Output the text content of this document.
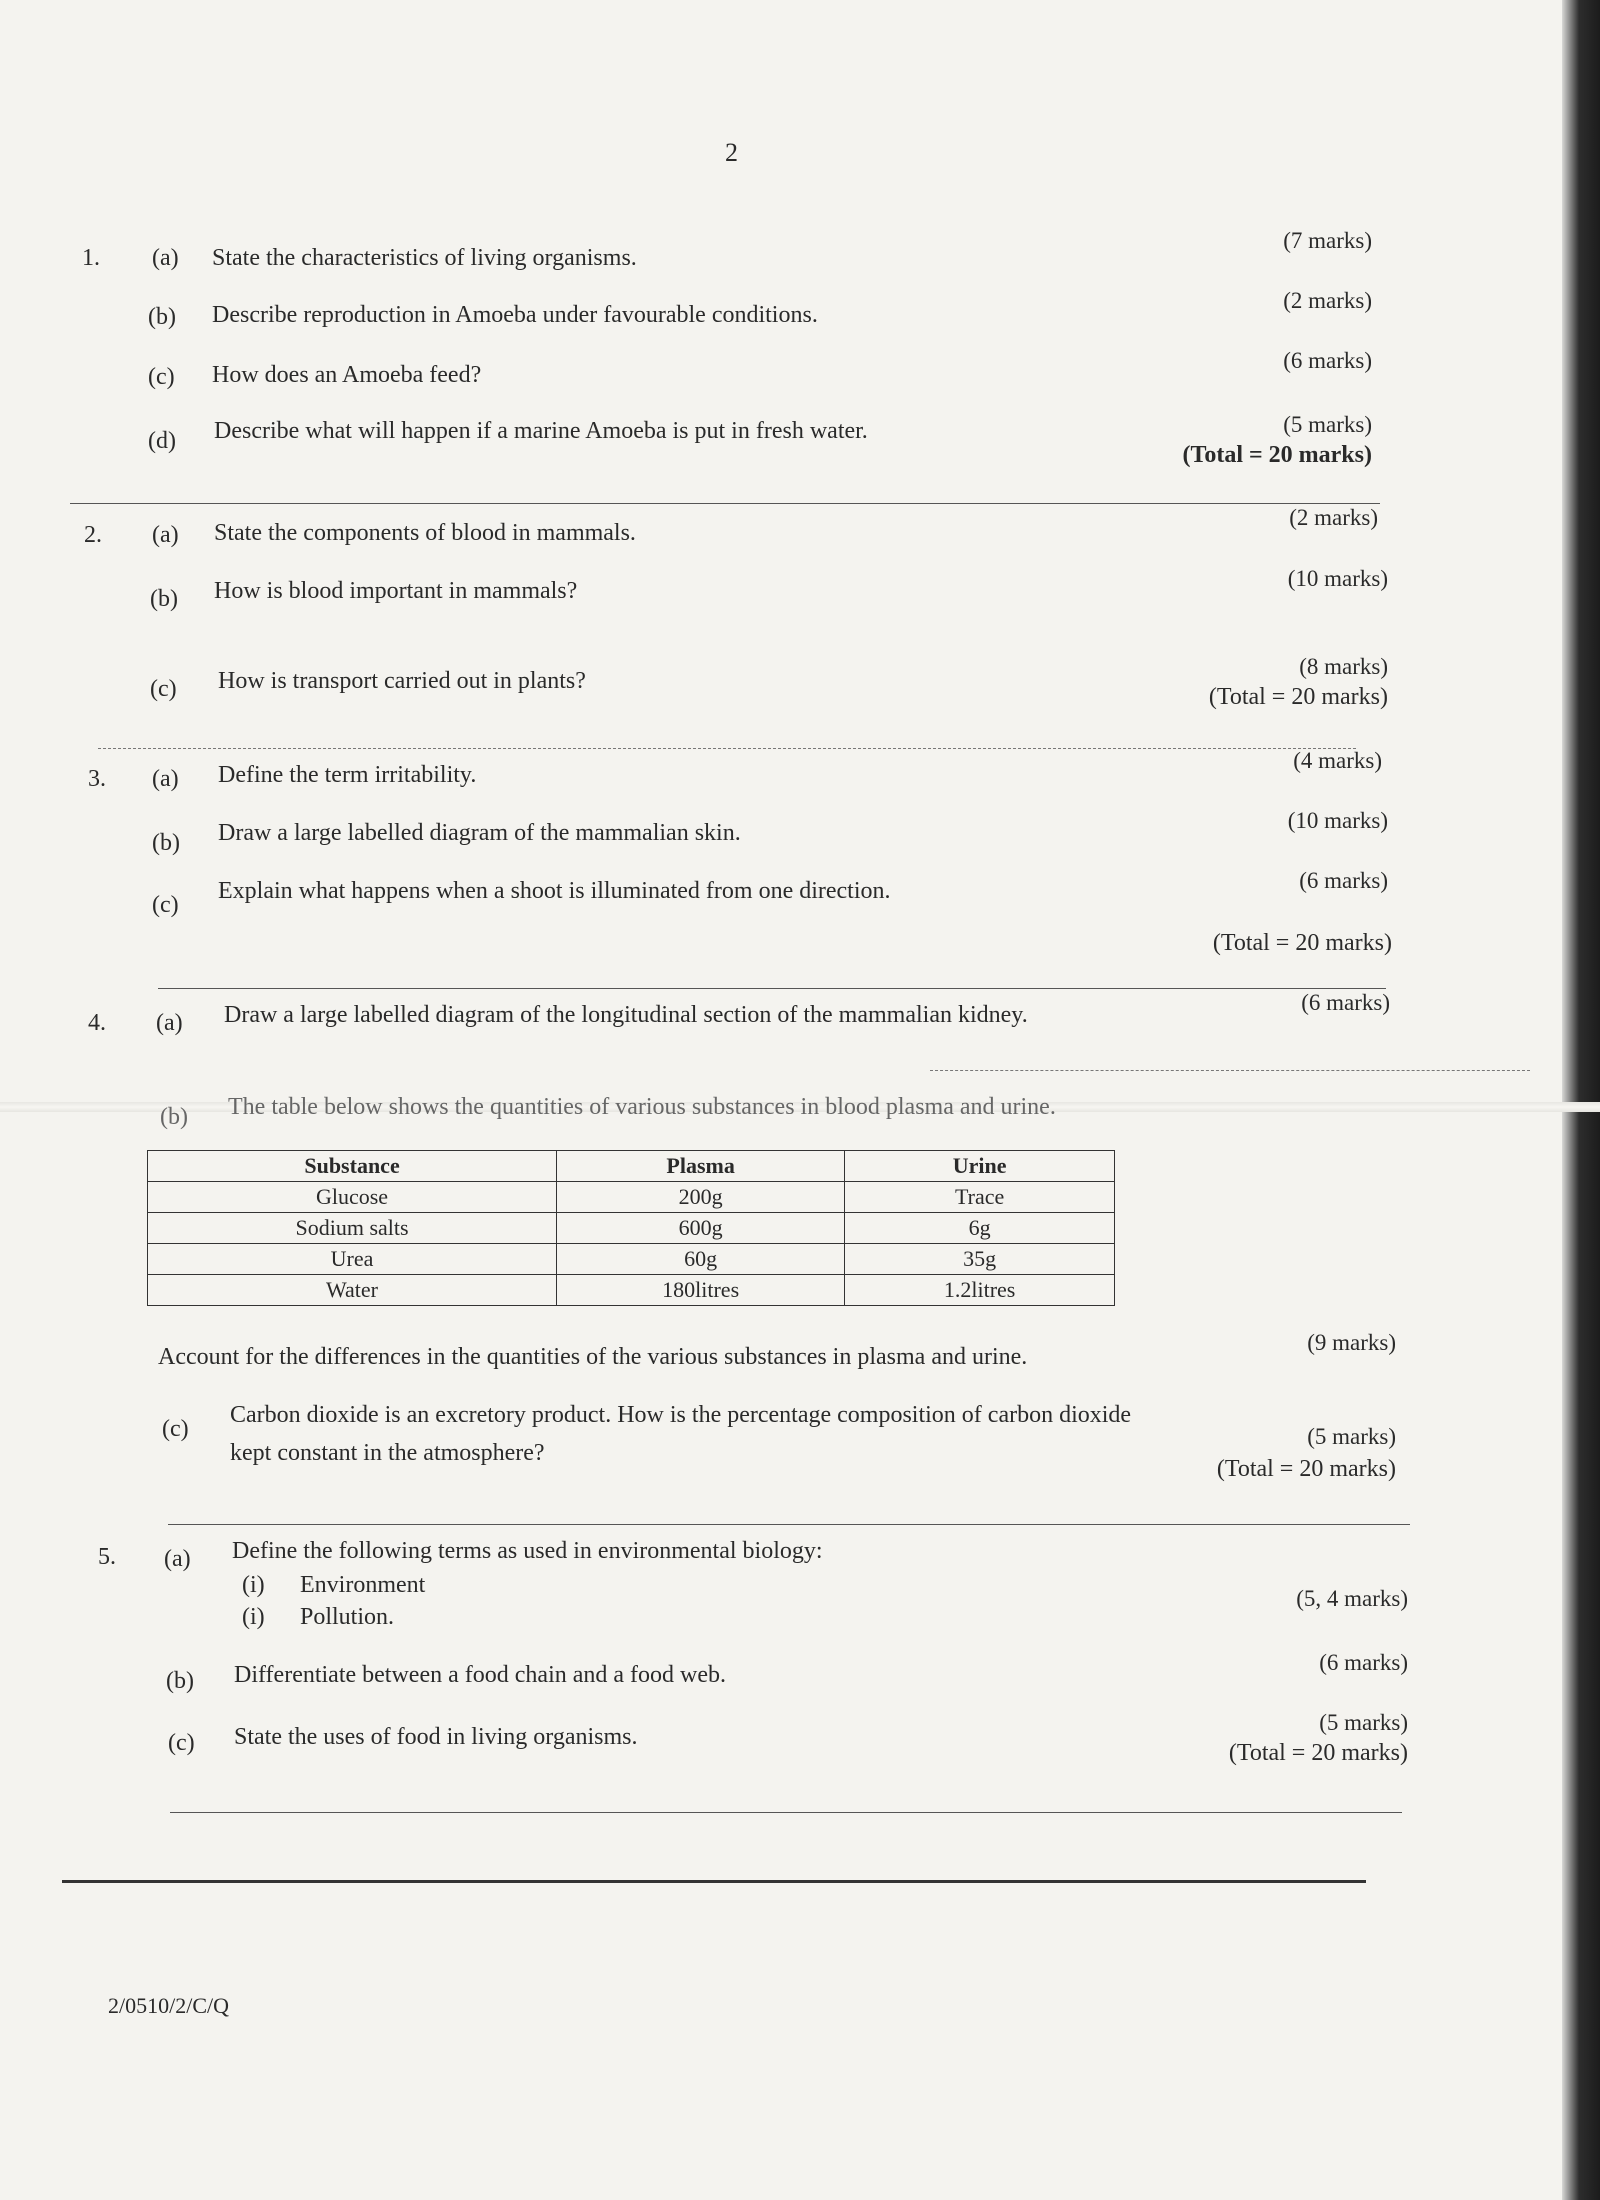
2
1. (a) State the characteristics of living organisms.
(7 marks)
(b) Describe reproduction in Amoeba under favourable conditions.
(2 marks)
(c) How does an Amoeba feed?
(6 marks)
(d) Describe what will happen if a marine Amoeba is put in fresh water.	(5 marks)
(Total = 20 marks)
2. (a) State the components of blood in mammals.
(2 marks)
(b) How is blood important in mammals?	(10 marks)
(c) How is transport carried out in plants?
(8 marks)
(Total = 20 marks)
3. (a) Define the term irritability.
(4 marks)
(b) Draw a large labelled diagram of the mammalian skin.	(10 marks)
(c)
Explain what happens when a shoot is illuminated from one direction.	(6 marks)
(Total = 20 marks)
4. (a) Draw a large labelled diagram of the longitudinal section of the mammalian kidney.	(6 marks)
(b) The table below shows the quantities of various substances in blood plasma and urine.
Substance	Plasma	Urine
Glucose	200g	Trace
Sodium salts	600g	6g
Urea	60g	35g
Water	180litres	1.2litres
Account for the differences in the quantities of the various substances in plasma and urine.
(9 marks)
(c)
Carbon dioxide is an excretory product. How is the percentage composition of carbon dioxide
kept constant in the atmosphere?
(5 marks)
(Total = 20 marks)
5. (a) Define the following terms as used in environmental biology:
(i) Environment
(i) Pollution.
(5, 4 marks)
(b) Differentiate between a food chain and a food web.	(6 marks)
(c) State the uses of food in living organisms.
(5 marks)
(Total = 20 marks)
2/0510/2/C/Q
